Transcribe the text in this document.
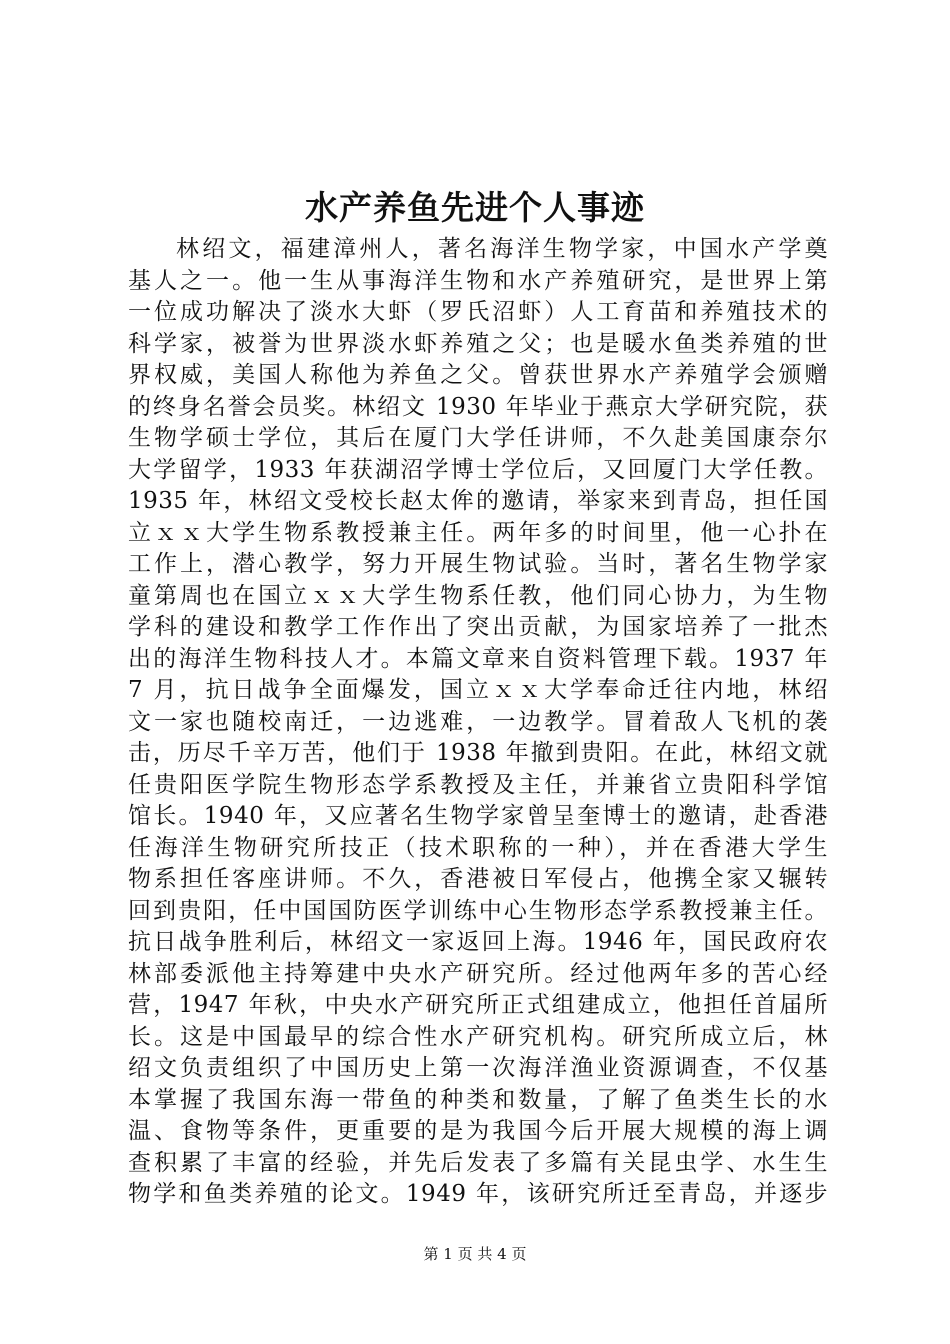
水产养鱼先进个人事迹
林绍文，福建漳州人，著名海洋生物学家，中国水产学奠
基人之一。他一生从事海洋生物和水产养殖研究，是世界上第
一位成功解决了淡水大虾（罗氏沼虾）人工育苗和养殖技术的
科学家，被誉为世界淡水虾养殖之父；也是暖水鱼类养殖的世
界权威，美国人称他为养鱼之父。曾获世界水产养殖学会颁赠
的终身名誉会员奖。林绍文 1930 年毕业于燕京大学研究院，获
生物学硕士学位，其后在厦门大学任讲师，不久赴美国康奈尔
大学留学，1933 年获湖沼学博士学位后，又回厦门大学任教。
1935 年，林绍文受校长赵太侔的邀请，举家来到青岛，担任国
立ｘｘ大学生物系教授兼主任。两年多的时间里，他一心扑在
工作上，潜心教学，努力开展生物试验。当时，著名生物学家
童第周也在国立ｘｘ大学生物系任教，他们同心协力，为生物
学科的建设和教学工作作出了突出贡献，为国家培养了一批杰
出的海洋生物科技人才。本篇文章来自资料管理下载。1937 年
7 月，抗日战争全面爆发，国立ｘｘ大学奉命迁往内地，林绍
文一家也随校南迁，一边逃难，一边教学。冒着敌人飞机的袭
击，历尽千辛万苦，他们于 1938 年撤到贵阳。在此，林绍文就
任贵阳医学院生物形态学系教授及主任，并兼省立贵阳科学馆
馆长。1940 年，又应著名生物学家曾呈奎博士的邀请，赴香港
任海洋生物研究所技正（技术职称的一种），并在香港大学生
物系担任客座讲师。不久，香港被日军侵占，他携全家又辗转
回到贵阳，任中国国防医学训练中心生物形态学系教授兼主任。
抗日战争胜利后，林绍文一家返回上海。1946 年，国民政府农
林部委派他主持筹建中央水产研究所。经过他两年多的苦心经
营，1947 年秋，中央水产研究所正式组建成立，他担任首届所
长。这是中国最早的综合性水产研究机构。研究所成立后，林
绍文负责组织了中国历史上第一次海洋渔业资源调查，不仅基
本掌握了我国东海一带鱼的种类和数量，了解了鱼类生长的水
温、食物等条件，更重要的是为我国今后开展大规模的海上调
查积累了丰富的经验，并先后发表了多篇有关昆虫学、水生生
物学和鱼类养殖的论文。1949 年，该研究所迁至青岛，并逐步
第 1 页 共 4 页
